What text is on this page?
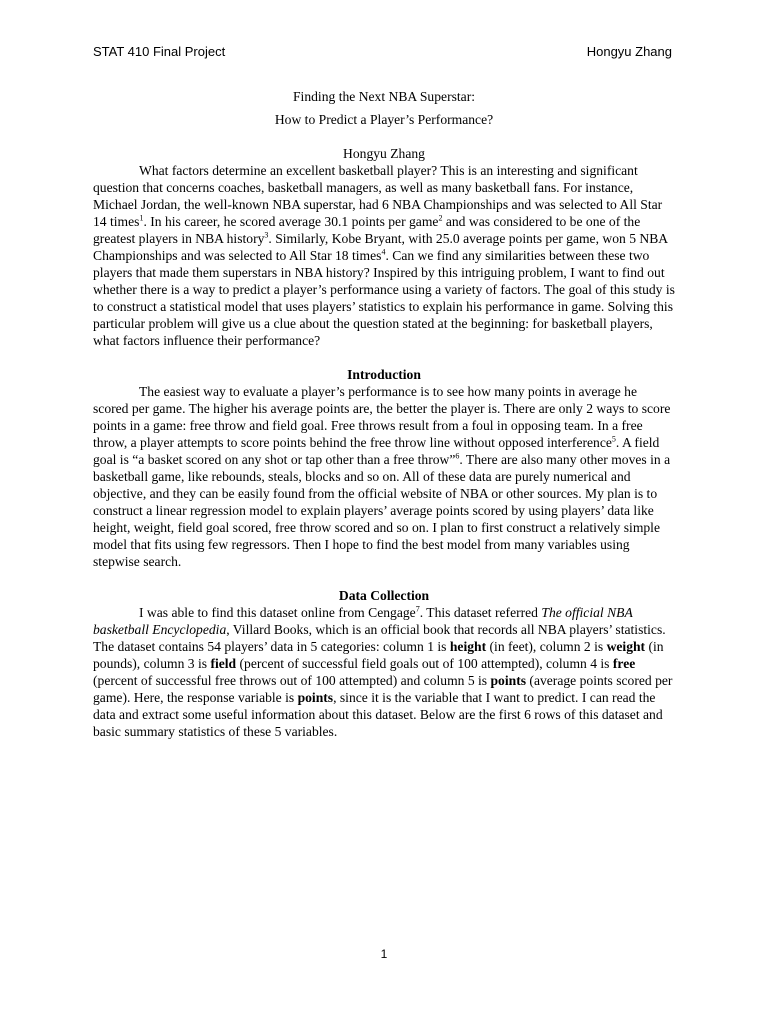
STAT 410 Final Project	Hongyu Zhang

Finding the Next NBA Superstar:

How to Predict a Player’s Performance?

Hongyu Zhang

What factors determine an excellent basketball player? This is an interesting and significant question that concerns coaches, basketball managers, as well as many basketball fans. For instance, Michael Jordan, the well-known NBA superstar, had 6 NBA Championships and was selected to All Star 14 times$^1$. In his career, he scored average 30.1 points per game$^2$ and was considered to be one of the greatest players in NBA history$^3$. Similarly, Kobe Bryant, with 25.0 average points per game, won 5 NBA Championships and was selected to All Star 18 times$^4$. Can we find any similarities between these two players that made them superstars in NBA history? Inspired by this intriguing problem, I want to find out whether there is a way to predict a player’s performance using a variety of factors. The goal of this study is to construct a statistical model that uses players’ statistics to explain his performance in game. Solving this particular problem will give us a clue about the question stated at the beginning: for basketball players, what factors influence their performance?

Introduction

The easiest way to evaluate a player’s performance is to see how many points in average he scored per game. The higher his average points are, the better the player is. There are only 2 ways to score points in a game: free throw and field goal. Free throws result from a foul in opposing team. In a free throw, a player attempts to score points behind the free throw line without opposed interference$^5$. A field goal is “a basket scored on any shot or tap other than a free throw”$^6$. There are also many other moves in a basketball game, like rebounds, steals, blocks and so on. All of these data are purely numerical and objective, and they can be easily found from the official website of NBA or other sources. My plan is to construct a linear regression model to explain players’ average points scored by using players’ data like height, weight, field goal scored, free throw scored and so on. I plan to first construct a relatively simple model that fits using few regressors. Then I hope to find the best model from many variables using stepwise search.

Data Collection

I was able to find this dataset online from Cengage$^7$. This dataset referred The official NBA basketball Encyclopedia, Villard Books, which is an official book that records all NBA players’ statistics. The dataset contains 54 players’ data in 5 categories: column 1 is height (in feet), column 2 is weight (in pounds), column 3 is field (percent of successful field goals out of 100 attempted), column 4 is free (percent of successful free throws out of 100 attempted) and column 5 is points (average points scored per game). Here, the response variable is points, since it is the variable that I want to predict. I can read the data and extract some useful information about this dataset. Below are the first 6 rows of this dataset and basic summary statistics of these 5 variables.

1
